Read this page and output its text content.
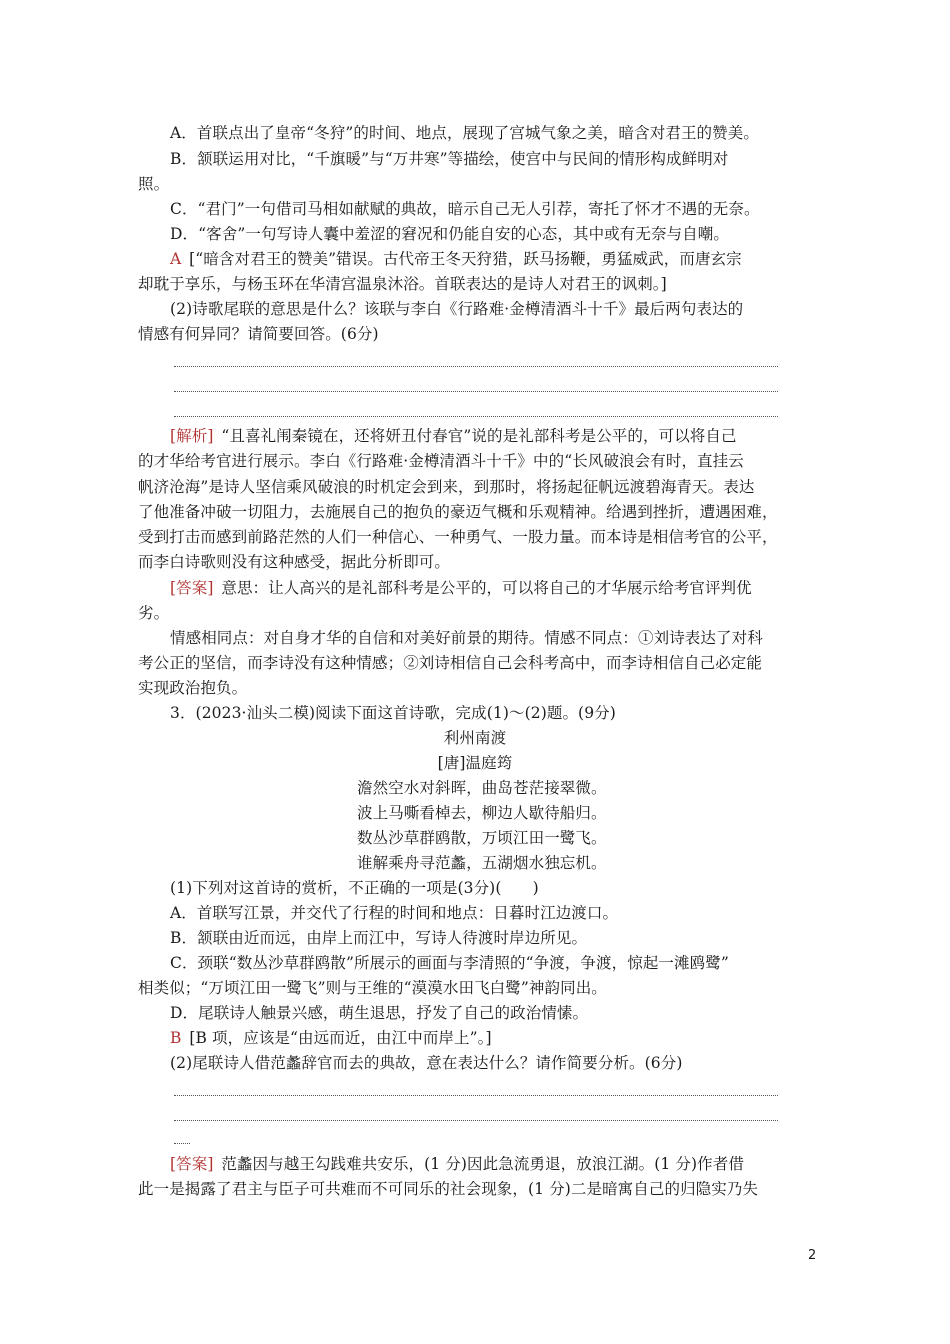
A．首联点出了皇帝“冬狩”的时间、地点，展现了宫城气象之美，暗含对君王的赞美。
B．颔联运用对比，“千旗暖”与“万井寒”等描绘，使宫中与民间的情形构成鲜明对
照。
C．“君门”一句借司马相如献赋的典故，暗示自己无人引荐，寄托了怀才不遇的无奈。
D．“客舍”一句写诗人囊中羞涩的窘况和仍能自安的心态，其中或有无奈与自嘲。
A  [“暗含对君王的赞美”错误。古代帝王冬天狩猎，跃马扬鞭，勇猛威武，而唐玄宗
却耽于享乐，与杨玉环在华清宫温泉沐浴。首联表达的是诗人对君王的讽刺。]
(2)诗歌尾联的意思是什么？该联与李白《行路难·金樽清酒斗十千》最后两句表达的
情感有何异同？请简要回答。(6分)
[解析]  “且喜礼闱秦镜在，还将妍丑付春官”说的是礼部科考是公平的，可以将自己
的才华给考官进行展示。李白《行路难·金樽清酒斗十千》中的“长风破浪会有时，直挂云
帆济沧海”是诗人坚信乘风破浪的时机定会到来，到那时，将扬起征帆远渡碧海青天。表达
了他准备冲破一切阻力，去施展自己的抱负的豪迈气概和乐观精神。给遇到挫折，遭遇困难，
受到打击而感到前路茫然的人们一种信心、一种勇气、一股力量。而本诗是相信考官的公平，
而李白诗歌则没有这种感受，据此分析即可。
[答案]  意思：让人高兴的是礼部科考是公平的，可以将自己的才华展示给考官评判优
劣。
情感相同点：对自身才华的自信和对美好前景的期待。情感不同点：①刘诗表达了对科
考公正的坚信，而李诗没有这种情感；②刘诗相信自己会科考高中，而李诗相信自己必定能
实现政治抱负。
3．(2023·汕头二模)阅读下面这首诗歌，完成(1)～(2)题。(9分)
利州南渡
[唐]温庭筠
澹然空水对斜晖，曲岛苍茫接翠微。
波上马嘶看棹去，柳边人歇待船归。
数丛沙草群鸥散，万顷江田一鹭飞。
谁解乘舟寻范蠡，五湖烟水独忘机。
(1)下列对这首诗的赏析，不正确的一项是(3分)(　　)
A．首联写江景，并交代了行程的时间和地点：日暮时江边渡口。
B．颔联由近而远，由岸上而江中，写诗人待渡时岸边所见。
C．颈联“数丛沙草群鸥散”所展示的画面与李清照的“争渡，争渡，惊起一滩鸥鹭”
相类似；“万顷江田一鹭飞”则与王维的“漠漠水田飞白鹭”神韵同出。
D．尾联诗人触景兴感，萌生退思，抒发了自己的政治情愫。
B  [B 项，应该是“由远而近，由江中而岸上”。]
(2)尾联诗人借范蠡辞官而去的典故，意在表达什么？请作简要分析。(6分)
[答案]  范蠡因与越王勾践难共安乐，(1 分)因此急流勇退，放浪江湖。(1 分)作者借
此一是揭露了君主与臣子可共难而不可同乐的社会现象，(1 分)二是暗寓自己的归隐实乃失
2
